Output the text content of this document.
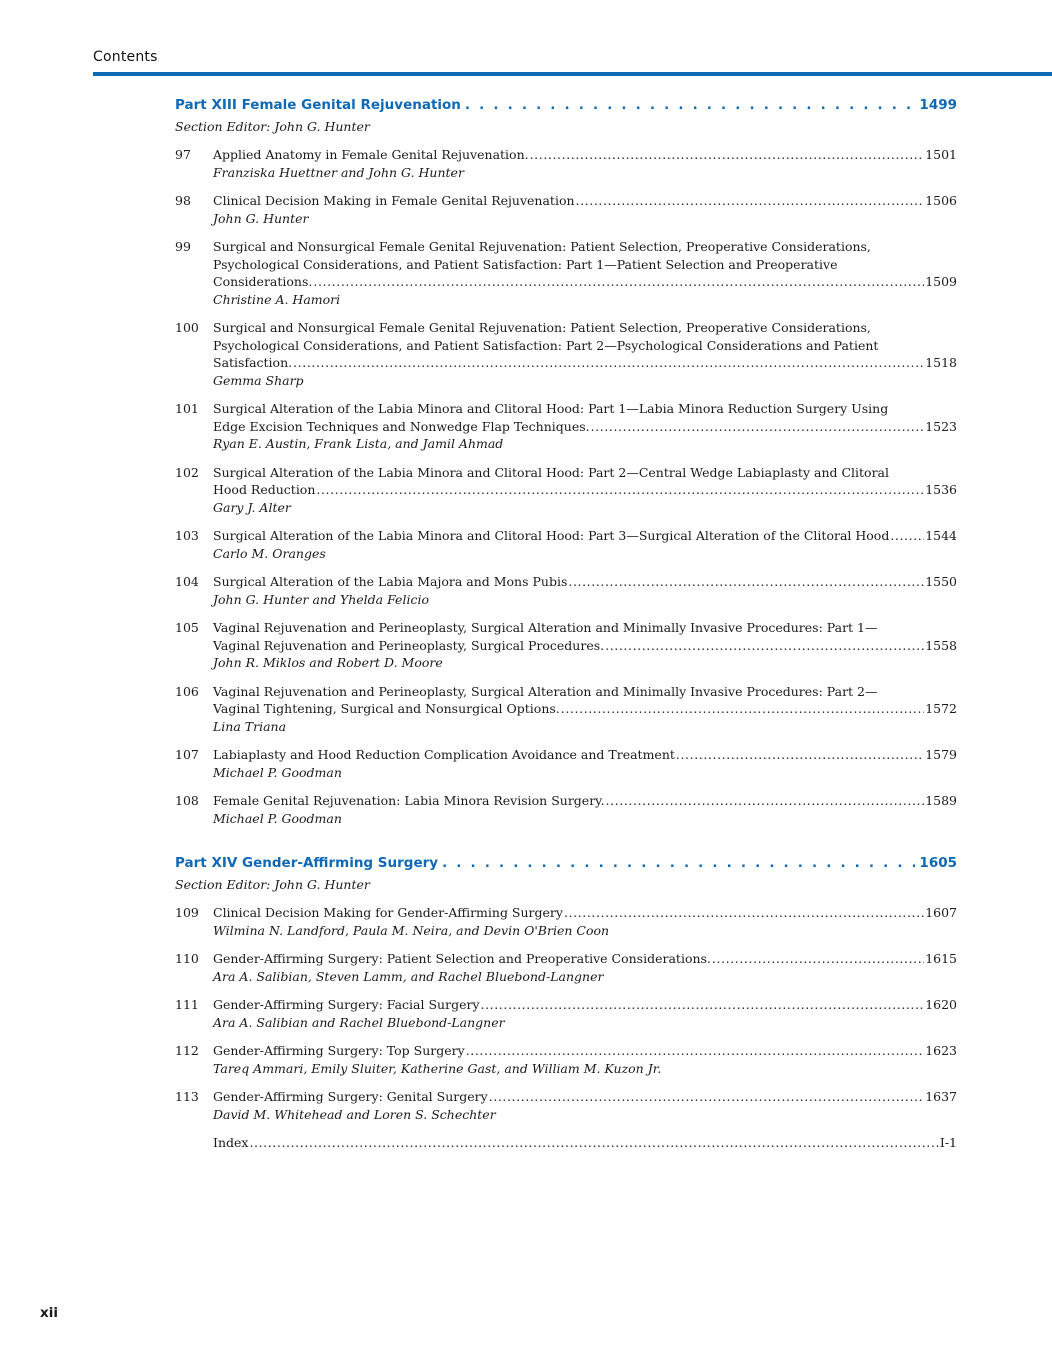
Contents
Part XIII Female Genital Rejuvenation . . .	1499
Section Editor: John G. Hunter
97	Applied Anatomy in Female Genital Rejuvenation. .....	1501
Franziska Huettner and John G. Hunter
98	Clinical Decision Making in Female Genital Rejuvenation .....	1506
John G. Hunter
99	Surgical and Nonsurgical Female Genital Rejuvenation: Patient Selection, Preoperative Considerations,
Psychological Considerations, and Patient Satisfaction: Part 1—Patient Selection and Preoperative
Considerations. .....	1509
Christine A. Hamori
100	Surgical and Nonsurgical Female Genital Rejuvenation: Patient Selection, Preoperative Considerations,
Psychological Considerations, and Patient Satisfaction: Part 2—Psychological Considerations and Patient
Satisfaction. .....	1518
Gemma Sharp
101	Surgical Alteration of the Labia Minora and Clitoral Hood: Part 1—Labia Minora Reduction Surgery Using
Edge Excision Techniques and Nonwedge Flap Techniques. .....	1523
Ryan E. Austin, Frank Lista, and Jamil Ahmad
102	Surgical Alteration of the Labia Minora and Clitoral Hood: Part 2—Central Wedge Labiaplasty and Clitoral
Hood Reduction .....	1536
Gary J. Alter
103	Surgical Alteration of the Labia Minora and Clitoral Hood: Part 3—Surgical Alteration of the Clitoral Hood .....	1544
Carlo M. Oranges
104	Surgical Alteration of the Labia Majora and Mons Pubis .....	1550
John G. Hunter and Yhelda Felicio
105	Vaginal Rejuvenation and Perineoplasty, Surgical Alteration and Minimally Invasive Procedures: Part 1—
Vaginal Rejuvenation and Perineoplasty, Surgical Procedures. .....	1558
John R. Miklos and Robert D. Moore
106	Vaginal Rejuvenation and Perineoplasty, Surgical Alteration and Minimally Invasive Procedures: Part 2—
Vaginal Tightening, Surgical and Nonsurgical Options. .....	1572
Lina Triana
107	Labiaplasty and Hood Reduction Complication Avoidance and Treatment .....	1579
Michael P. Goodman
108	Female Genital Rejuvenation: Labia Minora Revision Surgery. .....	1589
Michael P. Goodman
Part XIV Gender-Affirming Surgery . . .	1605
Section Editor: John G. Hunter
109	Clinical Decision Making for Gender-Affirming Surgery .....	1607
Wilmina N. Landford, Paula M. Neira, and Devin O'Brien Coon
110	Gender-Affirming Surgery: Patient Selection and Preoperative Considerations. .....	1615
Ara A. Salibian, Steven Lamm, and Rachel Bluebond-Langner
111	Gender-Affirming Surgery: Facial Surgery .....	1620
Ara A. Salibian and Rachel Bluebond-Langner
112	Gender-Affirming Surgery: Top Surgery .....	1623
Tareq Ammari, Emily Sluiter, Katherine Gast, and William M. Kuzon Jr.
113	Gender-Affirming Surgery: Genital Surgery .....	1637
David M. Whitehead and Loren S. Schechter
Index .....	I-1
xii
